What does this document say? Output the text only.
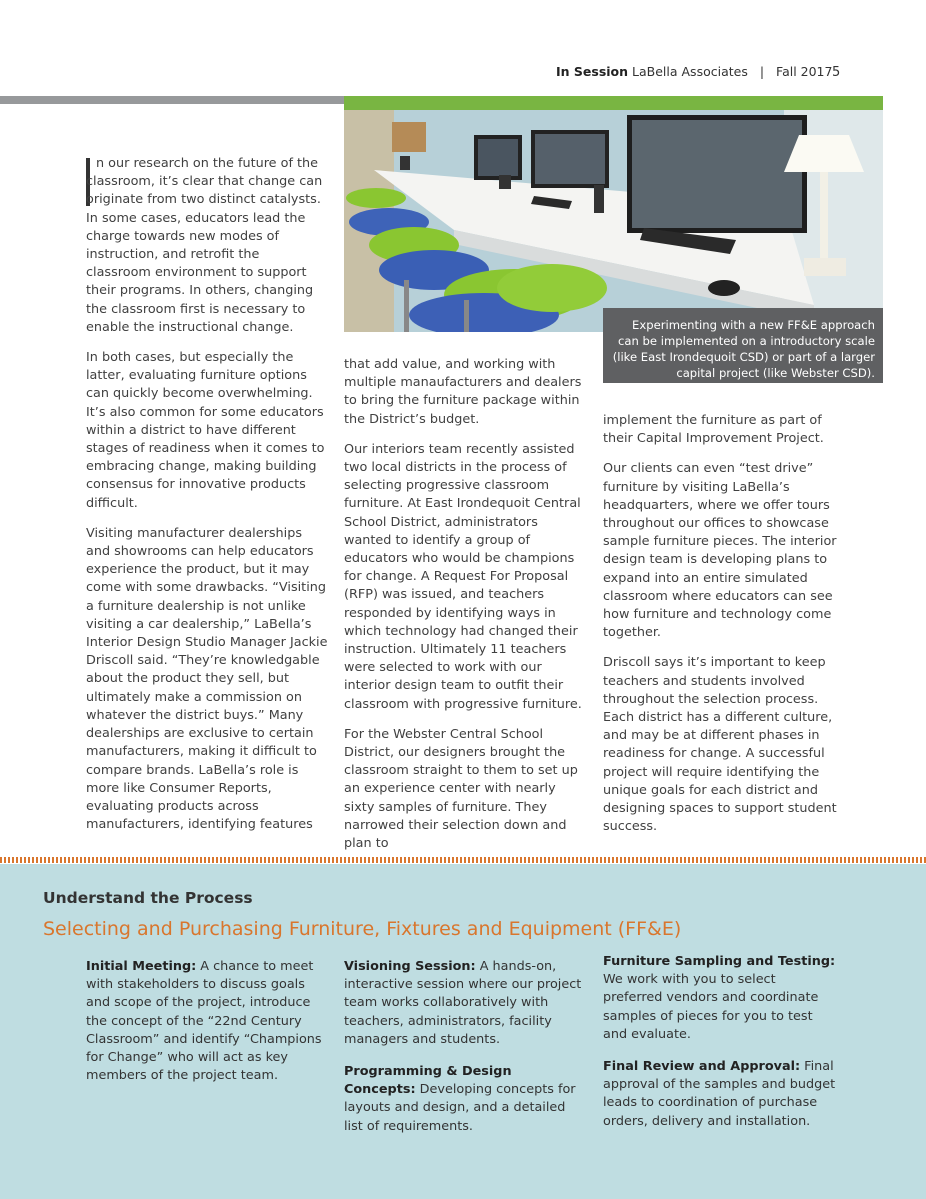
In Session LaBella Associates | Fall 2017 5
Experimenting with a new FF&E approach can be implemented on a introductory scale (like East Irondequoit CSD) or part of a larger capital project (like Webster CSD).

n our research on the future of the classroom, it’s clear that change can originate from two distinct catalysts. In some cases, educators lead the charge towards new modes of instruction, and retrofit the classroom environment to support their programs. In others, changing the classroom first is necessary to enable the instructional change.

In both cases, but especially the latter, evaluating furniture options can quickly become overwhelming. It’s also common for some educators within a district to have different stages of readiness when it comes to embracing change, making building consensus for innovative products difficult.

Visiting manufacturer dealerships and showrooms can help educators experience the product, but it may come with some drawbacks. “Visiting a furniture dealership is not unlike visiting a car dealership,” LaBella’s Interior Design Studio Manager Jackie Driscoll said. “They’re knowledgable about the product they sell, but ultimately make a commission on whatever the district buys.” Many dealerships are exclusive to certain manufacturers, making it difficult to compare brands. LaBella’s role is more like Consumer Reports, evaluating products across manufacturers, identifying features

that add value, and working with multiple manaufacturers and dealers to bring the furniture package within the District’s budget.

Our interiors team recently assisted two local districts in the process of selecting progressive classroom furniture. At East Irondequoit Central School District, administrators wanted to identify a group of educators who would be champions for change. A Request For Proposal (RFP) was issued, and teachers responded by identifying ways in which technology had changed their instruction. Ultimately 11 teachers were selected to work with our interior design team to outfit their classroom with progressive furniture.

For the Webster Central School District, our designers brought the classroom straight to them to set up an experience center with nearly sixty samples of furniture. They narrowed their selection down and plan to

implement the furniture as part of their Capital Improvement Project.

Our clients can even “test drive” furniture by visiting LaBella’s headquarters, where we offer tours throughout our offices to showcase sample furniture pieces. The interior design team is developing plans to expand into an entire simulated classroom where educators can see how furniture and technology come together.

Driscoll says it’s important to keep teachers and students involved throughout the selection process. Each district has a different culture, and may be at different phases in readiness for change. A successful project will require identifying the unique goals for each district and designing spaces to support student success.

Understand the Process
Selecting and Purchasing Furniture, Fixtures and Equipment (FF&E)

Initial Meeting: A chance to meet with stakeholders to discuss goals and scope of the project, introduce the concept of the “22nd Century Classroom” and identify “Champions for Change” who will act as key members of the project team.

Visioning Session: A hands-on, interactive session where our project team works collaboratively with teachers, administrators, facility managers and students.

Programming & Design Concepts: Developing concepts for layouts and design, and a detailed list of requirements.

Furniture Sampling and Testing: We work with you to select preferred vendors and coordinate samples of pieces for you to test and evaluate.

Final Review and Approval: Final approval of the samples and budget leads to coordination of purchase orders, delivery and installation.
